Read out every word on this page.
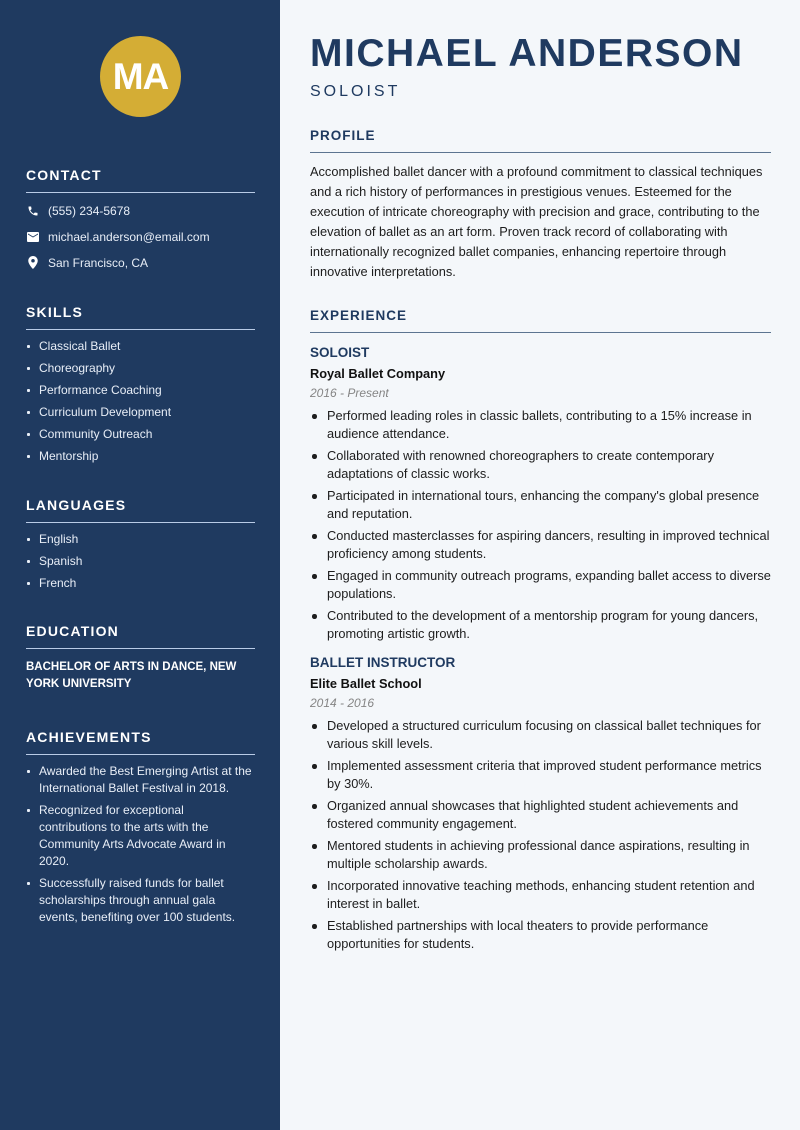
MA
CONTACT
(555) 234-5678
michael.anderson@email.com
San Francisco, CA
SKILLS
Classical Ballet
Choreography
Performance Coaching
Curriculum Development
Community Outreach
Mentorship
LANGUAGES
English
Spanish
French
EDUCATION
BACHELOR OF ARTS IN DANCE, NEW YORK UNIVERSITY
ACHIEVEMENTS
Awarded the Best Emerging Artist at the International Ballet Festival in 2018.
Recognized for exceptional contributions to the arts with the Community Arts Advocate Award in 2020.
Successfully raised funds for ballet scholarships through annual gala events, benefiting over 100 students.
MICHAEL ANDERSON
SOLOIST
PROFILE

Accomplished ballet dancer with a profound commitment to classical techniques and a rich history of performances in prestigious venues. Esteemed for the execution of intricate choreography with precision and grace, contributing to the elevation of ballet as an art form. Proven track record of collaborating with internationally recognized ballet companies, enhancing repertoire through innovative interpretations.

EXPERIENCE
SOLOIST
Royal Ballet Company
2016 - Present
Performed leading roles in classic ballets, contributing to a 15% increase in audience attendance.
Collaborated with renowned choreographers to create contemporary adaptations of classic works.
Participated in international tours, enhancing the company's global presence and reputation.
Conducted masterclasses for aspiring dancers, resulting in improved technical proficiency among students.
Engaged in community outreach programs, expanding ballet access to diverse populations.
Contributed to the development of a mentorship program for young dancers, promoting artistic growth.
BALLET INSTRUCTOR
Elite Ballet School
2014 - 2016
Developed a structured curriculum focusing on classical ballet techniques for various skill levels.
Implemented assessment criteria that improved student performance metrics by 30%.
Organized annual showcases that highlighted student achievements and fostered community engagement.
Mentored students in achieving professional dance aspirations, resulting in multiple scholarship awards.
Incorporated innovative teaching methods, enhancing student retention and interest in ballet.
Established partnerships with local theaters to provide performance opportunities for students.
